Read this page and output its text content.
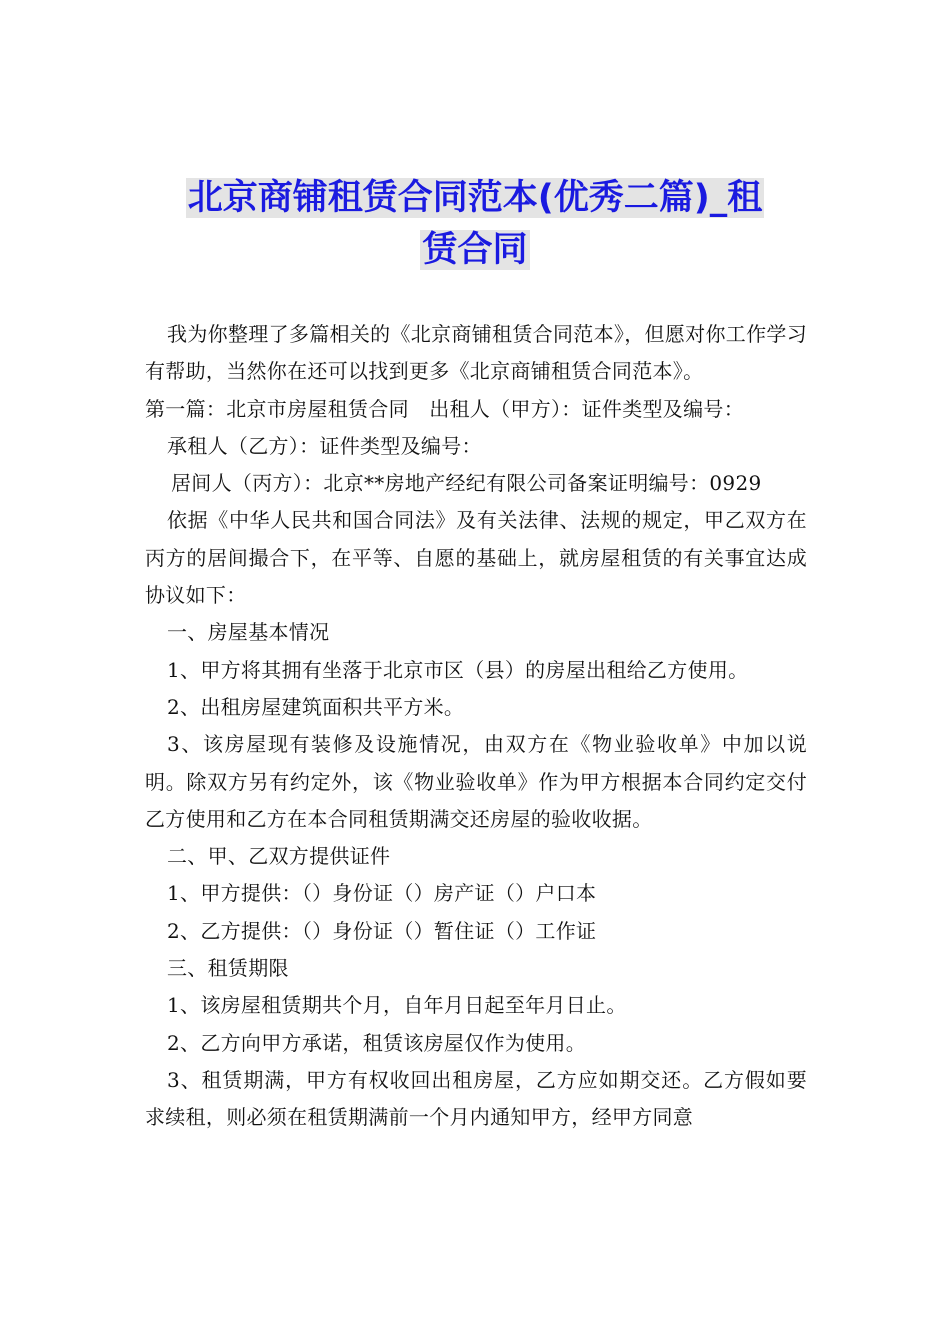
北京商铺租赁合同范本(优秀二篇)_租
赁合同

我为你整理了多篇相关的《北京商铺租赁合同范本》，但愿对你工作学习有帮助，当然你在还可以找到更多《北京商铺租赁合同范本》。

第一篇：北京市房屋租赁合同　出租人（甲方）：证件类型及编号：

承租人（乙方）：证件类型及编号：

居间人（丙方）：北京**房地产经纪有限公司备案证明编号：0929

依据《中华人民共和国合同法》及有关法律、法规的规定，甲乙双方在丙方的居间撮合下，在平等、自愿的基础上，就房屋租赁的有关事宜达成协议如下：

一、房屋基本情况

1、甲方将其拥有坐落于北京市区（县）的房屋出租给乙方使用。

2、出租房屋建筑面积共平方米。

3、该房屋现有装修及设施情况，由双方在《物业验收单》中加以说明。除双方另有约定外，该《物业验收单》作为甲方根据本合同约定交付乙方使用和乙方在本合同租赁期满交还房屋的验收收据。

二、甲、乙双方提供证件

1、甲方提供：（）身份证（）房产证（）户口本

2、乙方提供：（）身份证（）暂住证（）工作证

三、租赁期限

1、该房屋租赁期共个月，自年月日起至年月日止。

2、乙方向甲方承诺，租赁该房屋仅作为使用。

3、租赁期满，甲方有权收回出租房屋，乙方应如期交还。乙方假如要求续租，则必须在租赁期满前一个月内通知甲方，经甲方同意
